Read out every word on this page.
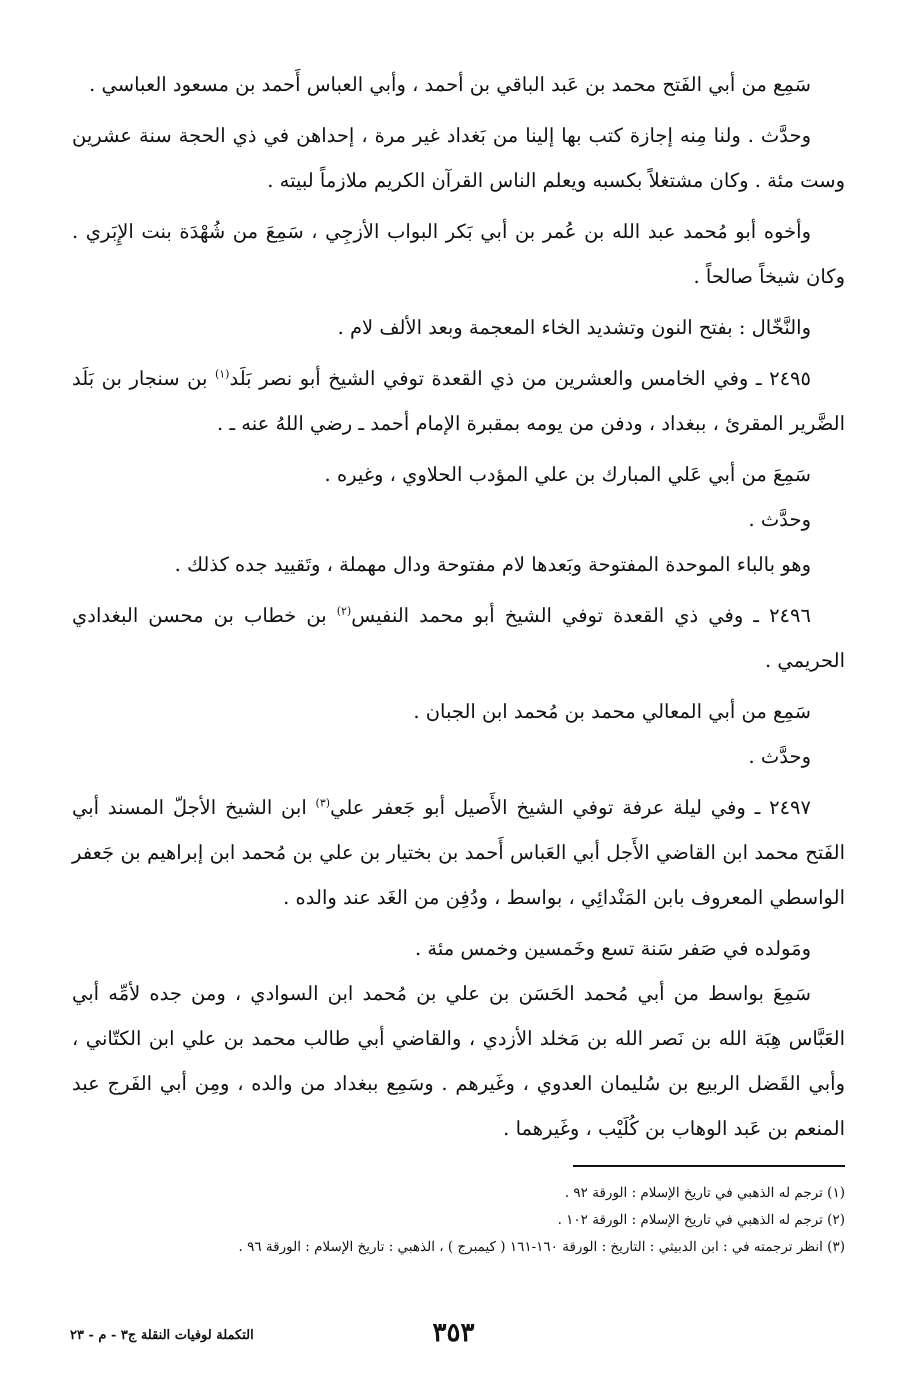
سَمِع من أبي الفَتح محمد بن عَبد الباقي بن أحمد ، وأبي العباس أَحمد بن مسعود العباسي .

وحدَّث . ولنا مِنه إجازة كتب بها إلينا من بَغداد غير مرة ، إحداهن في ذي الحجة سنة عشرين وست مئة . وكان مشتغلاً بكسبه ويعلم الناس القرآن الكريم ملازماً لبيته .

وأخوه أبو مُحمد عبد الله بن عُمر بن أبي بَكر البواب الأزجِي ، سَمِعَ من شُهْدَة بنت الإِبَري . وكان شيخاً صالحاً .

والنَّخّال : بفتح النون وتشديد الخاء المعجمة وبعد الألف لام .

٢٤٩٥ ـ وفي الخامس والعشرين من ذي القعدة توفي الشيخ أبو نصر بَلَد$^{(١)}$ بن سنجار بن بَلَد الضَّرير المقرئ ، ببغداد ، ودفن من يومه بمقبرة الإمام أحمد ـ رضي اللهُ عنه ـ .

سَمِعَ من أبي عَلي المبارك بن علي المؤدب الحلاوي ، وغيره .

وحدَّث .

وهو بالباء الموحدة المفتوحة وبَعدها لام مفتوحة ودال مهملة ، وتَقييد جده كذلك .

٢٤٩٦ ـ وفي ذي القعدة توفي الشيخ أبو محمد النفيس$^{(٢)}$ بن خطاب بن محسن البغدادي الحريمي .

سَمِع من أبي المعالي محمد بن مُحمد ابن الجبان .

وحدَّث .

٢٤٩٧ ـ وفي ليلة عرفة توفي الشيخ الأَصيل أبو جَعفر علي$^{(٣)}$ ابن الشيخ الأجلّ المسند أبي الفَتح محمد ابن القاضي الأَجل أبي العَباس أَحمد بن بختيار بن علي بن مُحمد ابن إبراهيم بن جَعفر الواسطي المعروف بابن المَنْدائِي ، بواسط ، ودُفِن من الغَد عند والده .

ومَولده في صَفر سَنة تسع وخَمسين وخمس مئة .

سَمِعَ بواسط من أبي مُحمد الحَسَن بن علي بن مُحمد ابن السوادي ، ومن جده لأمِّه أبي العَبَّاس هِبَة الله بن نَصر الله بن مَخلد الأزدي ، والقاضي أبي طالب محمد بن علي ابن الكتّاني ، وأبي القَضل الربيع بن سُليمان العدوي ، وغَيرهم . وسَمِع ببغداد من والده ، ومِن أبي الفَرج عبد المنعم بن عَبد الوهاب بن كُلَيْب ، وغَيرهما .

(١) ترجم له الذهبي في تاريخ الإسلام : الورقة ٩٢ .

(٢) ترجم له الذهبي في تاريخ الإسلام : الورقة ١٠٢ .

(٣) انظر ترجمته في : ابن الدبيثي : التاريخ : الورقة ١٦٠-١٦١ ( كيمبرج ) ، الذهبي : تاريخ الإسلام : الورقة ٩٦ .

٣٥٣
التكملة لوفيات النقلة ج٣ - م - ٢٣
